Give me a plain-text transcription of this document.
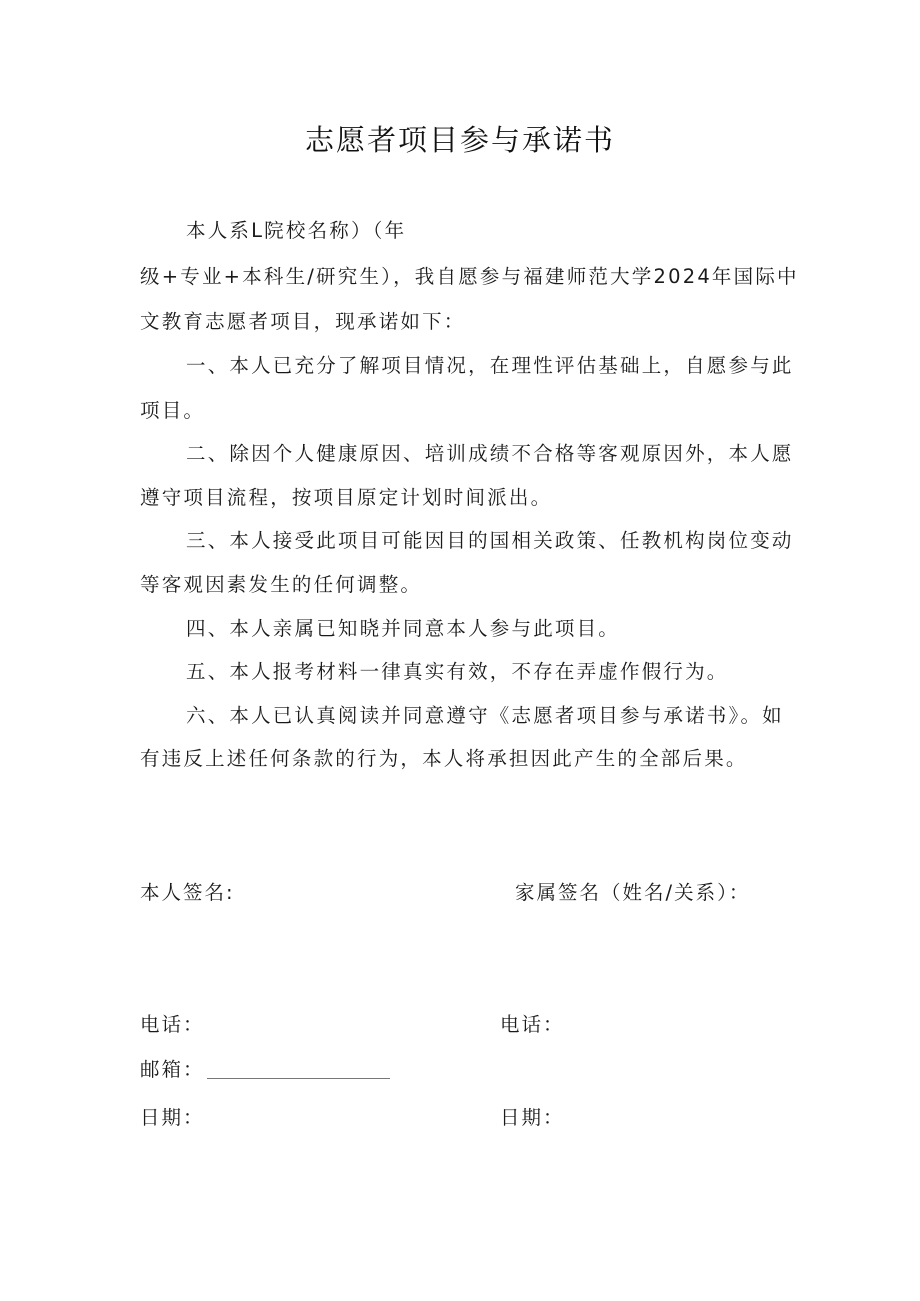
志愿者项目参与承诺书
本人系L院校名称）（年
级+专业+本科生/研究生），我自愿参与福建师范大学2024年国际中
文教育志愿者项目，现承诺如下：
一、本人已充分了解项目情况，在理性评估基础上，自愿参与此
项目。
二、除因个人健康原因、培训成绩不合格等客观原因外，本人愿
遵守项目流程，按项目原定计划时间派出。
三、本人接受此项目可能因目的国相关政策、任教机构岗位变动
等客观因素发生的任何调整。
四、本人亲属已知晓并同意本人参与此项目。
五、本人报考材料一律真实有效，不存在弄虚作假行为。
六、本人已认真阅读并同意遵守《志愿者项目参与承诺书》。如
有违反上述任何条款的行为，本人将承担因此产生的全部后果。
本人签名:	家属签名（姓名/关系）：
电话：	电话：
邮箱：
日期：	日期：
